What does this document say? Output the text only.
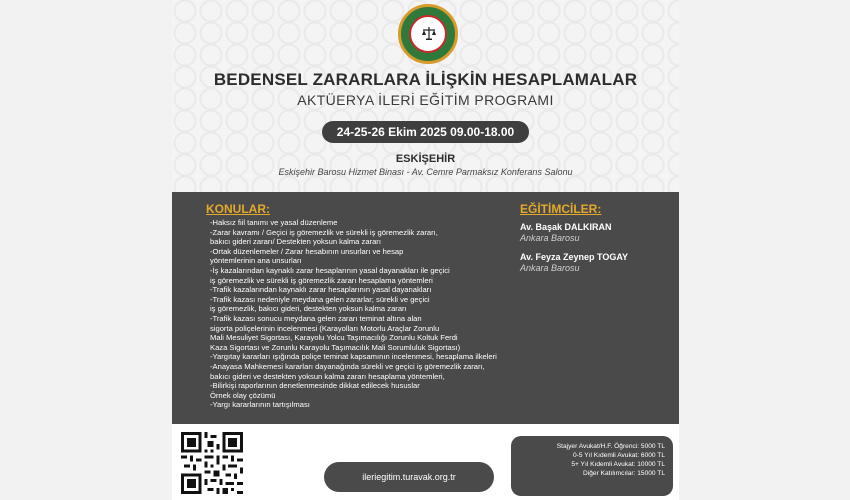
BEDENSEL ZARARLARA İLİŞKİN HESAPLAMALAR
AKTÜERYA İLERİ EĞİTİM PROGRAMI
24-25-26 Ekim 2025 09.00-18.00
ESKİŞEHİR
Eskişehir Barosu Hizmet Binası - Av. Cemre Parmaksız Konferans Salonu
KONULAR:
-Haksız fiil tanımı ve yasal düzenleme
-Zarar kavramı / Geçici iş göremezlik ve sürekli iş göremezlik zararı,
bakıcı gideri zararı/ Destekten yoksun kalma zararı
-Ortak düzenlemeler / Zarar hesabının unsurları ve hesap
yöntemlerinin ana unsurları
-İş kazalarından kaynaklı zarar hesaplarının yasal dayanakları ile geçici
iş göremezlik ve sürekli iş göremezlik zararı hesaplama yöntemleri
-Trafik kazalarından kaynaklı zarar hesaplarının yasal dayanakları
-Trafik kazası nedeniyle meydana gelen zararlar; sürekli ve geçici
iş göremezlik, bakıcı gideri, destekten yoksun kalma zararı
-Trafik kazası sonucu meydana gelen zararı teminat altına alan
sigorta poliçelerinin incelenmesi (Karayolları Motorlu Araçlar Zorunlu
Mali Mesuliyet Sigortası, Karayolu Yolcu Taşımacılığı Zorunlu Koltuk Ferdi
Kaza Sigortası ve Zorunlu Karayolu Taşımacılık Mali Sorumluluk Sigortası)
-Yargıtay kararları ışığında poliçe teminat kapsamının incelenmesi, hesaplama ilkeleri
-Anayasa Mahkemesi kararları dayanağında sürekli ve geçici iş göremezlik zararı,
bakıcı gideri ve destekten yoksun kalma zararı hesaplama yöntemleri,
-Bilirkişi raporlarının denetlenmesinde dikkat edilecek hususlar
Örnek olay çözümü
-Yargı kararlarının tartışılması
EĞİTİMCİLER:
Av. Başak DALKIRAN
Ankara Barosu
Av. Feyza Zeynep TOGAY
Ankara Barosu
ileriegitim.turavak.org.tr
Stajyer Avukat/H.F. Öğrenci: 5000 TL
0-5 Yıl Kıdemli Avukat: 6000 TL
5+ Yıl Kıdemli Avukat: 10000 TL
Diğer Katılımcılar: 15000 TL
